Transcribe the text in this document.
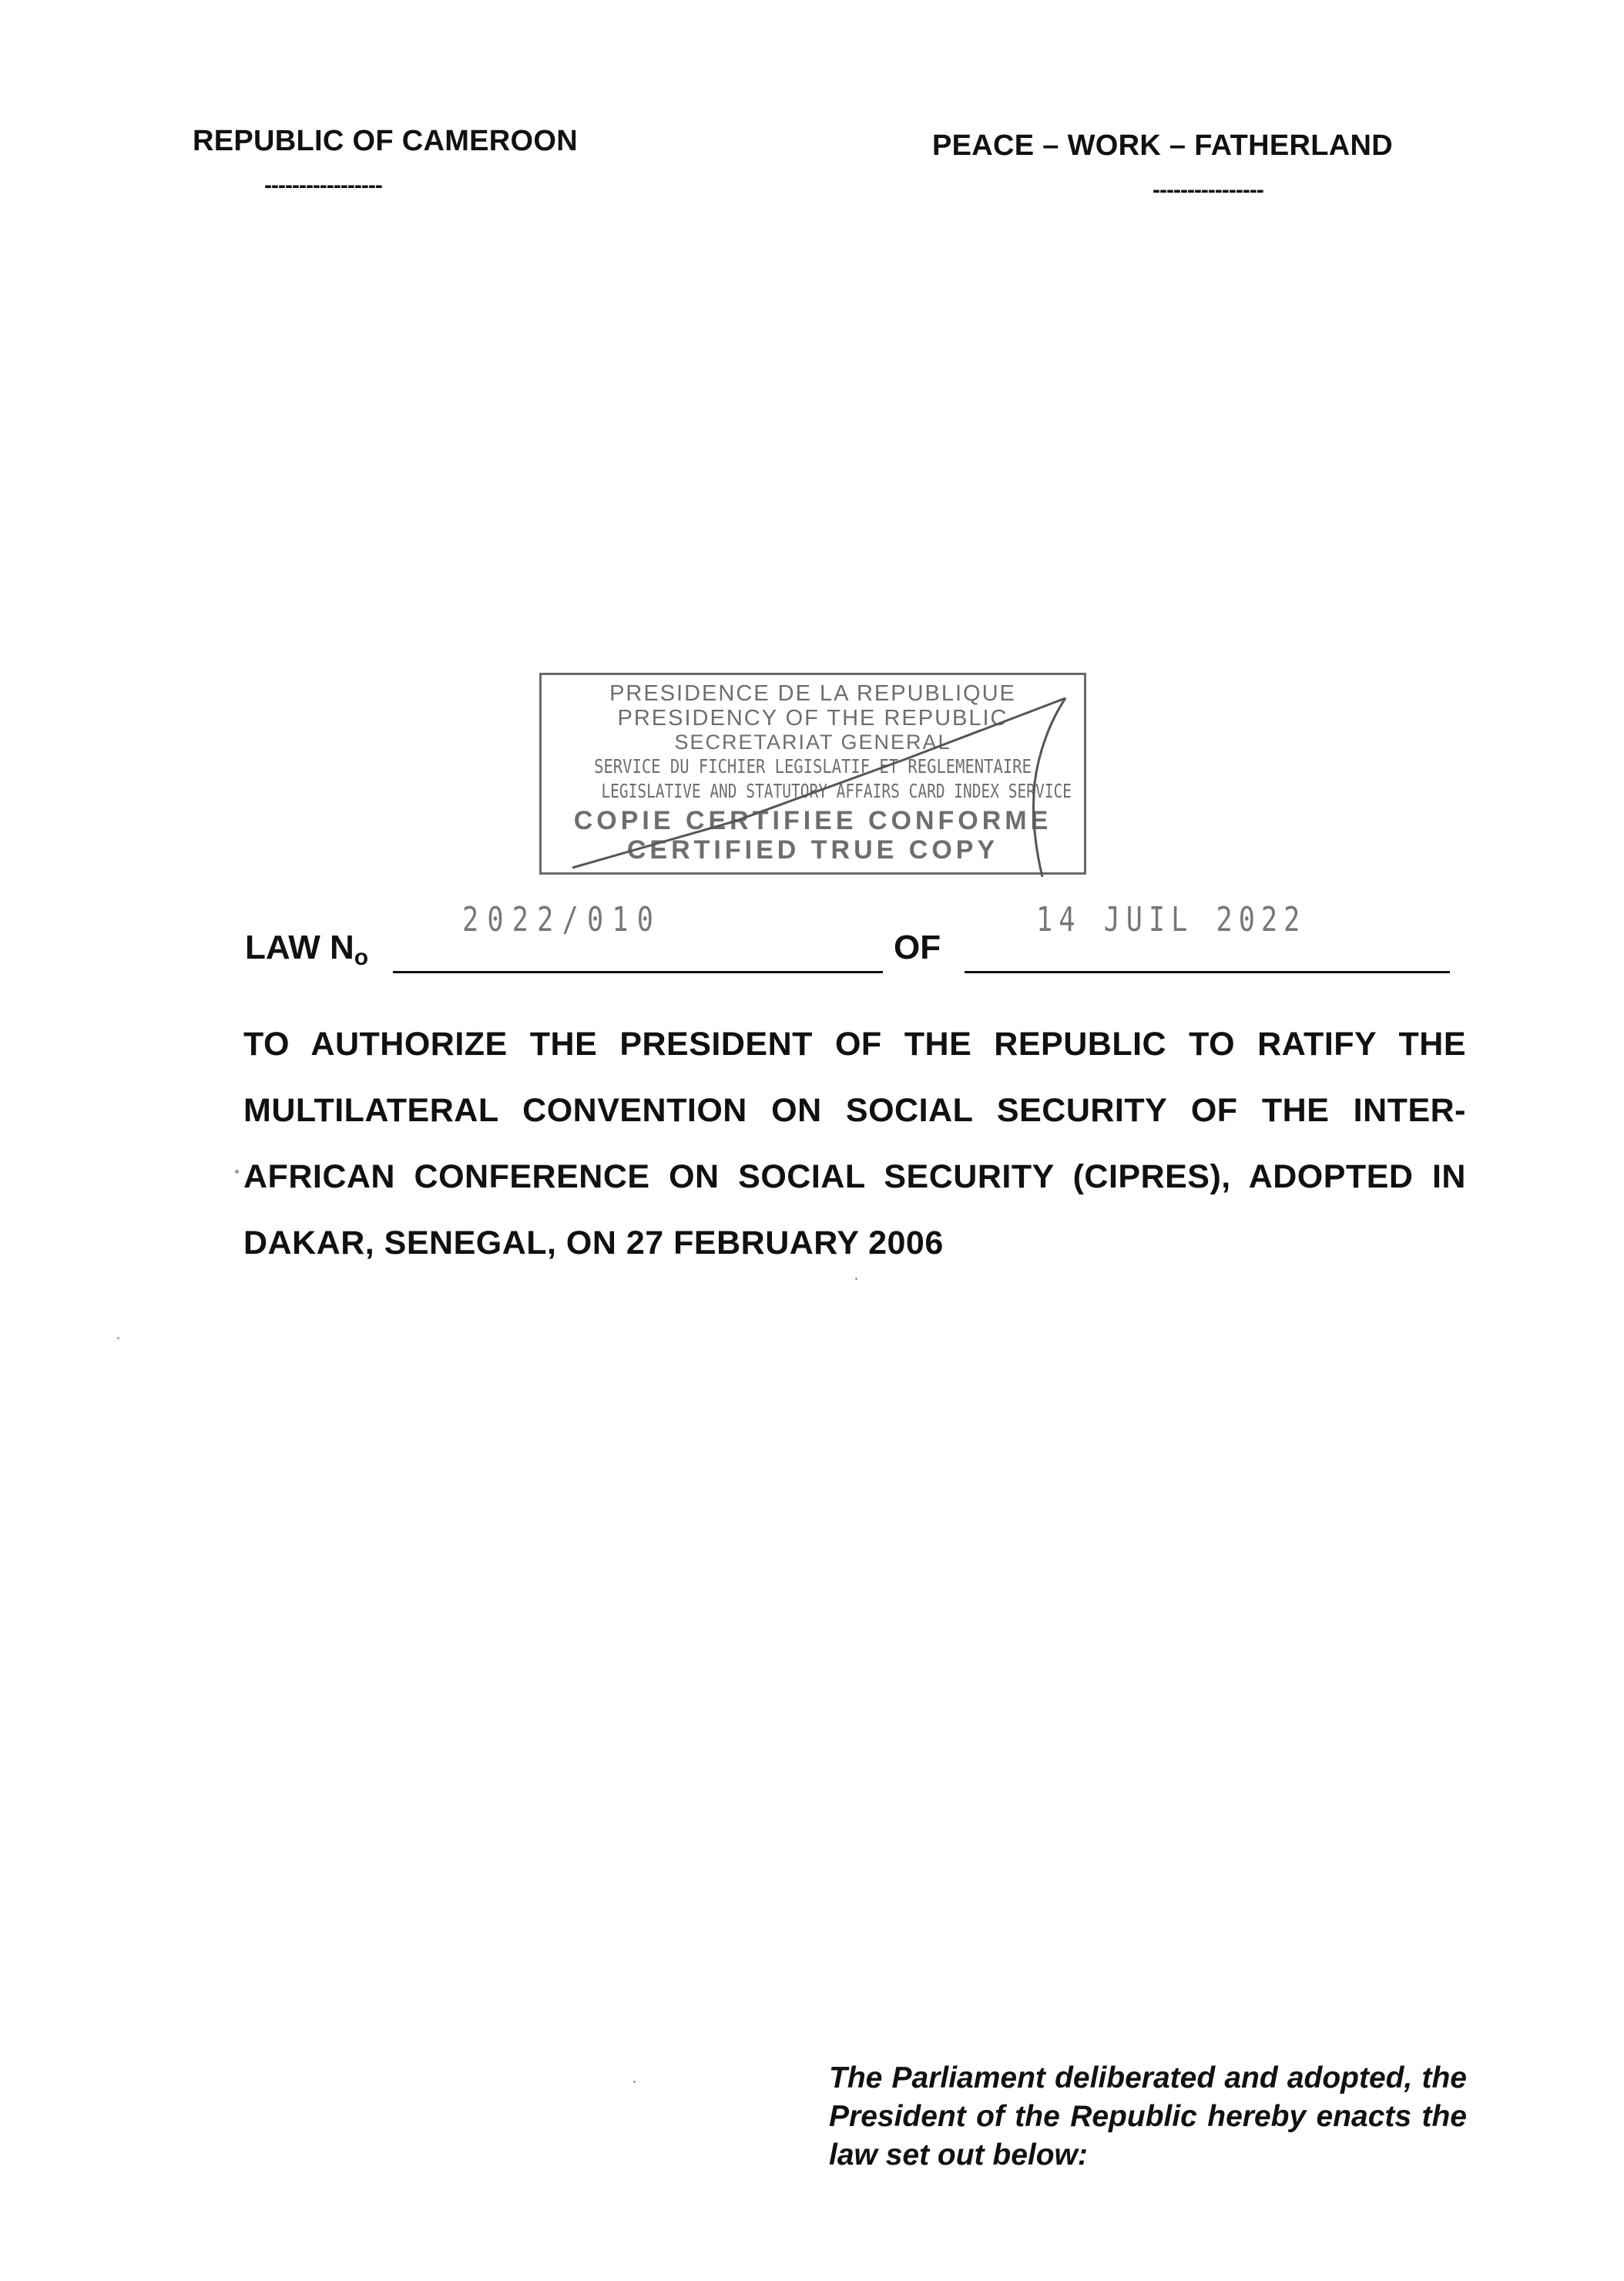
REPUBLIC OF CAMEROON
-----------------
PEACE – WORK – FATHERLAND
----------------
PRESIDENCE DE LA REPUBLIQUE
PRESIDENCY OF THE REPUBLIC
SECRETARIAT GENERAL
SERVICE DU FICHIER LEGISLATIF ET REGLEMENTAIRE
LEGISLATIVE AND STATUTORY AFFAIRS CARD INDEX SERVICE
COPIE CERTIFIEE CONFORME
CERTIFIED TRUE COPY
LAW No
2022/010
OF
14 JUIL 2022
TO AUTHORIZE THE PRESIDENT OF THE REPUBLIC TO RATIFY THE MULTILATERAL CONVENTION ON SOCIAL SECURITY OF THE INTER-AFRICAN CONFERENCE ON SOCIAL SECURITY (CIPRES), ADOPTED IN DAKAR, SENEGAL, ON 27 FEBRUARY 2006
The Parliament deliberated and adopted, the President of the Republic hereby enacts the law set out below:
